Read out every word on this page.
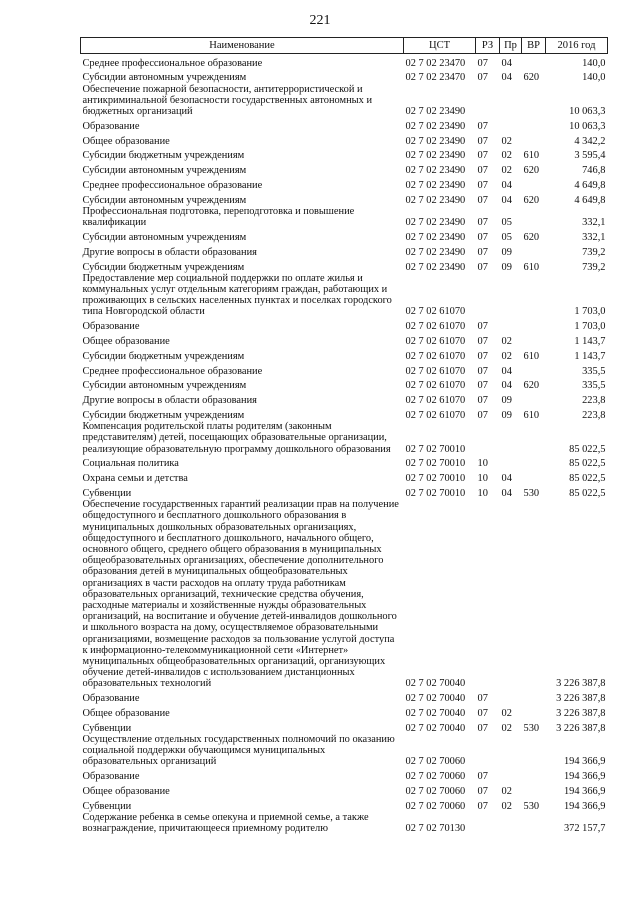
221
Наименование	ЦСТ	РЗ	Пр	ВР	2016 год
Среднее профессиональное образование	02 7 02 23470	07	04		140,0
Субсидии автономным учреждениям	02 7 02 23470	07	04	620	140,0
Обеспечение пожарной безопасности, антитеррористической и антикриминальной безопасности государственных автономных и бюджетных организаций	02 7 02 23490				10 063,3
Образование	02 7 02 23490	07			10 063,3
Общее образование	02 7 02 23490	07	02		4 342,2
Субсидии бюджетным учреждениям	02 7 02 23490	07	02	610	3 595,4
Субсидии автономным учреждениям	02 7 02 23490	07	02	620	746,8
Среднее профессиональное образование	02 7 02 23490	07	04		4 649,8
Субсидии автономным учреждениям	02 7 02 23490	07	04	620	4 649,8
Профессиональная подготовка, переподготовка и повышение квалификации	02 7 02 23490	07	05		332,1
Субсидии автономным учреждениям	02 7 02 23490	07	05	620	332,1
Другие вопросы в области образования	02 7 02 23490	07	09		739,2
Субсидии бюджетным учреждениям	02 7 02 23490	07	09	610	739,2
Предоставление мер социальной поддержки по оплате жилья и коммунальных услуг отдельным категориям граждан, работающих и проживающих в сельских населенных пунктах и поселках городского типа Новгородской области	02 7 02 61070				1 703,0
Образование	02 7 02 61070	07			1 703,0
Общее образование	02 7 02 61070	07	02		1 143,7
Субсидии бюджетным учреждениям	02 7 02 61070	07	02	610	1 143,7
Среднее профессиональное образование	02 7 02 61070	07	04		335,5
Субсидии автономным учреждениям	02 7 02 61070	07	04	620	335,5
Другие вопросы в области образования	02 7 02 61070	07	09		223,8
Субсидии бюджетным учреждениям	02 7 02 61070	07	09	610	223,8
Компенсация родительской платы родителям (законным представителям) детей, посещающих образовательные организации, реализующие образовательную программу дошкольного образования	02 7 02 70010				85 022,5
Социальная политика	02 7 02 70010	10			85 022,5
Охрана семьи и детства	02 7 02 70010	10	04		85 022,5
Субвенции	02 7 02 70010	10	04	530	85 022,5
Обеспечение государственных гарантий реализации прав на получение общедоступного и бесплатного дошкольного образования в муниципальных дошкольных образовательных организациях, общедоступного и бесплатного дошкольного, начального общего, основного общего, среднего общего образования в муниципальных общеобразовательных организациях, обеспечение дополнительного образования детей в муниципальных общеобразовательных организациях в части расходов на оплату труда работникам образовательных организаций, технические средства обучения, расходные материалы и хозяйственные нужды образовательных организаций, на воспитание и обучение детей-инвалидов дошкольного и школьного возраста на дому, осуществляемое образовательными организациями, возмещение расходов за пользование услугой доступа к информационно-телекоммуникационной сети «Интернет» муниципальных общеобразовательных организаций, организующих обучение детей-инвалидов с использованием дистанционных образовательных технологий	02 7 02 70040				3 226 387,8
Образование	02 7 02 70040	07			3 226 387,8
Общее образование	02 7 02 70040	07	02		3 226 387,8
Субвенции	02 7 02 70040	07	02	530	3 226 387,8
Осуществление отдельных государственных полномочий по оказанию социальной поддержки обучающимся муниципальных образовательных организаций	02 7 02 70060				194 366,9
Образование	02 7 02 70060	07			194 366,9
Общее образование	02 7 02 70060	07	02		194 366,9
Субвенции	02 7 02 70060	07	02	530	194 366,9
Содержание ребенка в семье опекуна и приемной семье, а также вознаграждение, причитающееся приемному родителю	02 7 02 70130				372 157,7
